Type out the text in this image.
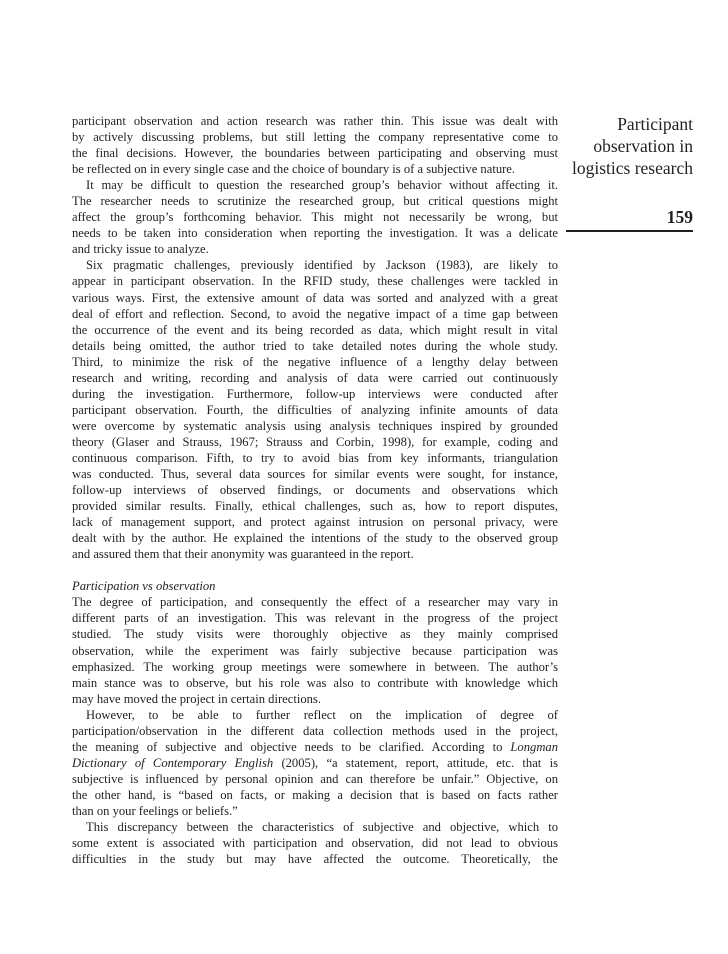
participant observation and action research was rather thin. This issue was dealt with

by actively discussing problems, but still letting the company representative come to

the final decisions. However, the boundaries between participating and observing must

be reflected on in every single case and the choice of boundary is of a subjective nature.

It may be difficult to question the researched group’s behavior without affecting it.

The researcher needs to scrutinize the researched group, but critical questions might

affect the group’s forthcoming behavior. This might not necessarily be wrong, but

needs to be taken into consideration when reporting the investigation. It was a delicate

and tricky issue to analyze.

Six pragmatic challenges, previously identified by Jackson (1983), are likely to

appear in participant observation. In the RFID study, these challenges were tackled in

various ways. First, the extensive amount of data was sorted and analyzed with a great

deal of effort and reflection. Second, to avoid the negative impact of a time gap between

the occurrence of the event and its being recorded as data, which might result in vital

details being omitted, the author tried to take detailed notes during the whole study.

Third, to minimize the risk of the negative influence of a lengthy delay between

research and writing, recording and analysis of data were carried out continuously

during the investigation. Furthermore, follow-up interviews were conducted after

participant observation. Fourth, the difficulties of analyzing infinite amounts of data

were overcome by systematic analysis using analysis techniques inspired by grounded

theory (Glaser and Strauss, 1967; Strauss and Corbin, 1998), for example, coding and

continuous comparison. Fifth, to try to avoid bias from key informants, triangulation

was conducted. Thus, several data sources for similar events were sought, for instance,

follow-up interviews of observed findings, or documents and observations which

provided similar results. Finally, ethical challenges, such as, how to report disputes,

lack of management support, and protect against intrusion on personal privacy, were

dealt with by the author. He explained the intentions of the study to the observed group

and assured them that their anonymity was guaranteed in the report.

Participation vs observation

The degree of participation, and consequently the effect of a researcher may vary in

different parts of an investigation. This was relevant in the progress of the project

studied. The study visits were thoroughly objective as they mainly comprised

observation, while the experiment was fairly subjective because participation was

emphasized. The working group meetings were somewhere in between. The author’s

main stance was to observe, but his role was also to contribute with knowledge which

may have moved the project in certain directions.

However, to be able to further reflect on the implication of degree of

participation/observation in the different data collection methods used in the project,

the meaning of subjective and objective needs to be clarified. According to Longman

Dictionary of Contemporary English (2005), “a statement, report, attitude, etc. that is

subjective is influenced by personal opinion and can therefore be unfair.” Objective, on

the other hand, is “based on facts, or making a decision that is based on facts rather

than on your feelings or beliefs.”

This discrepancy between the characteristics of subjective and objective, which to

some extent is associated with participation and observation, did not lead to obvious

difficulties in the study but may have affected the outcome. Theoretically, the

Participant
observation in
logistics research
159
